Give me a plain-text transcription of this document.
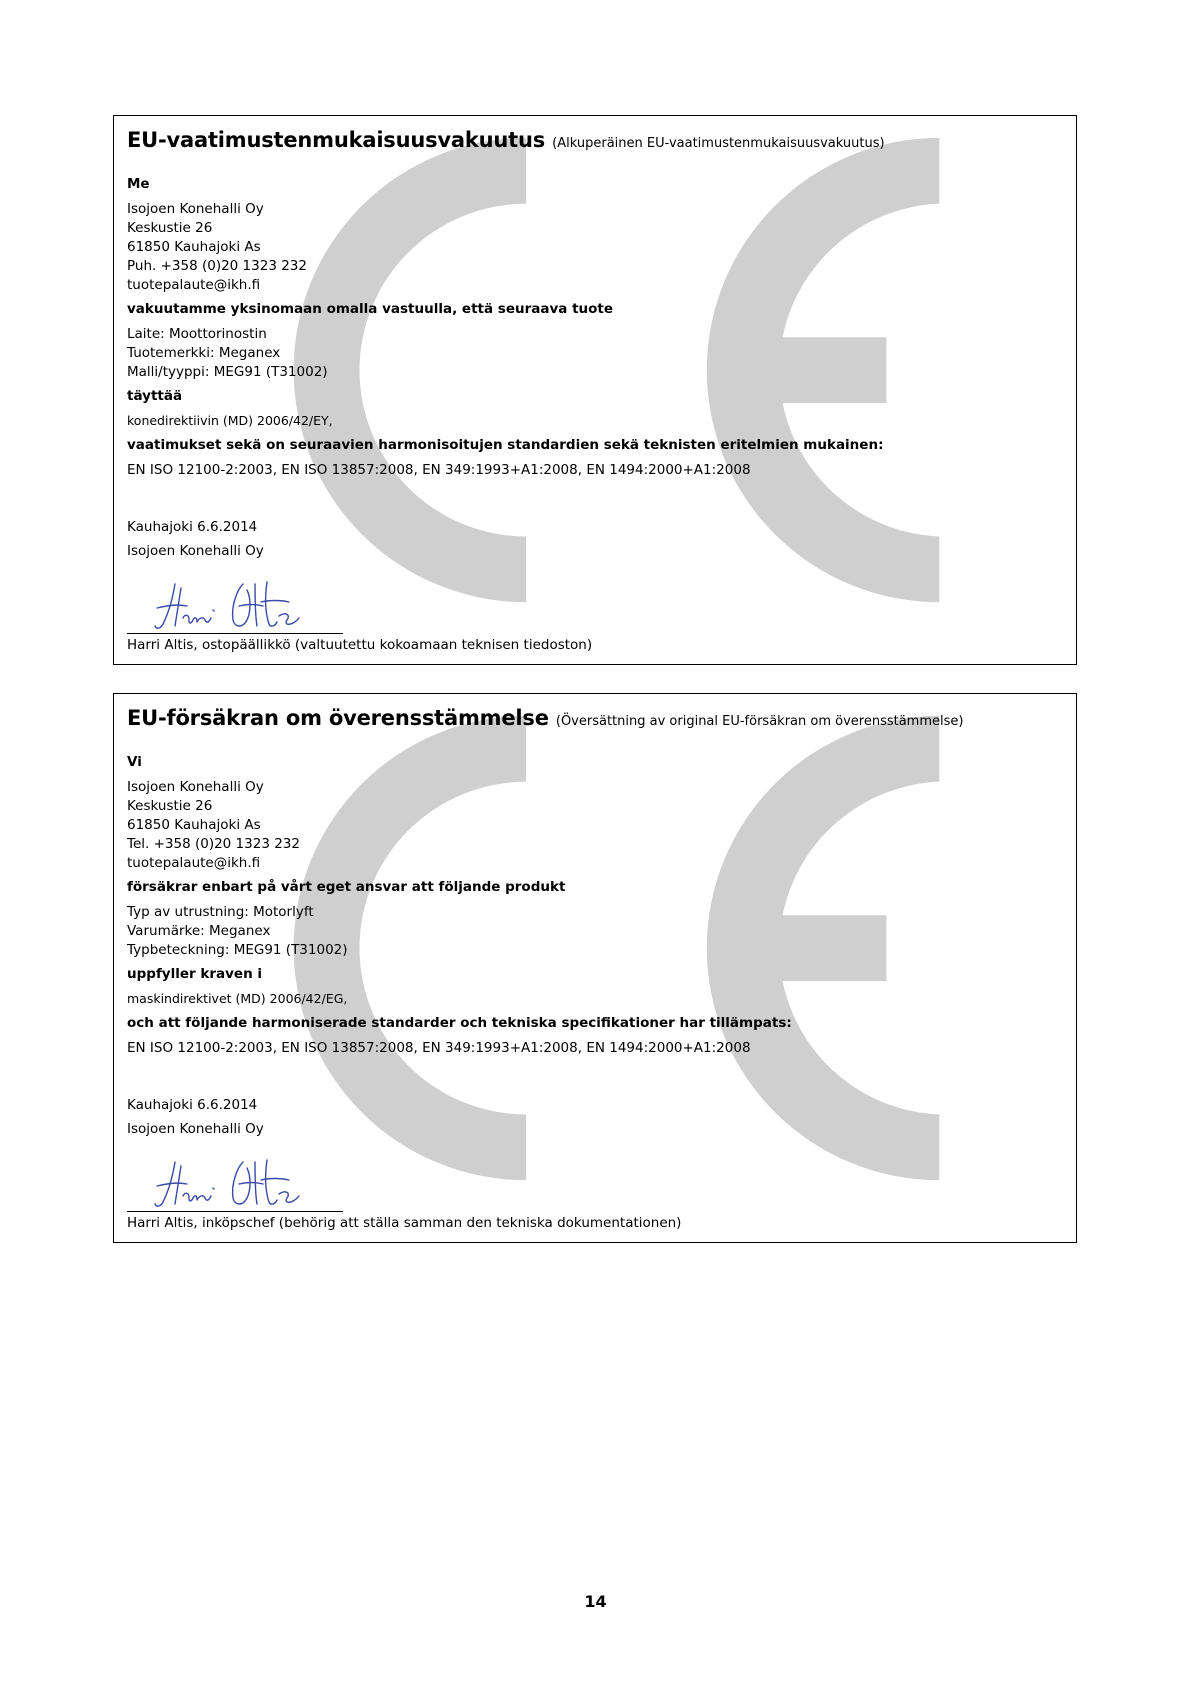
EU-vaatimustenmukaisuusvakuutus (Alkuperäinen EU-vaatimustenmukaisuusvakuutus)
Me
Isojoen Konehalli Oy
Keskustie 26
61850 Kauhajoki As
Puh. +358 (0)20 1323 232
tuotepalaute@ikh.fi
vakuutamme yksinomaan omalla vastuulla, että seuraava tuote
Laite: Moottorinostin
Tuotemerkki: Meganex
Malli/tyyppi: MEG91 (T31002)
täyttää
konedirektiivin (MD) 2006/42/EY,
vaatimukset sekä on seuraavien harmonisoitujen standardien sekä teknisten eritelmien mukainen:
EN ISO 12100-2:2003, EN ISO 13857:2008, EN 349:1993+A1:2008, EN 1494:2000+A1:2008
Kauhajoki 6.6.2014
Isojoen Konehalli Oy
Harri Altis, ostopäällikkö (valtuutettu kokoamaan teknisen tiedoston)
EU-försäkran om överensstämmelse (Översättning av original EU-försäkran om överensstämmelse)
Vi
Isojoen Konehalli Oy
Keskustie 26
61850 Kauhajoki As
Tel. +358 (0)20 1323 232
tuotepalaute@ikh.fi
försäkrar enbart på vårt eget ansvar att följande produkt
Typ av utrustning: Motorlyft
Varumärke: Meganex
Typbeteckning: MEG91 (T31002)
uppfyller kraven i
maskindirektivet (MD) 2006/42/EG,
och att följande harmoniserade standarder och tekniska specifikationer har tillämpats:
EN ISO 12100-2:2003, EN ISO 13857:2008, EN 349:1993+A1:2008, EN 1494:2000+A1:2008
Kauhajoki 6.6.2014
Isojoen Konehalli Oy
Harri Altis, inköpschef (behörig att ställa samman den tekniska dokumentationen)
14
